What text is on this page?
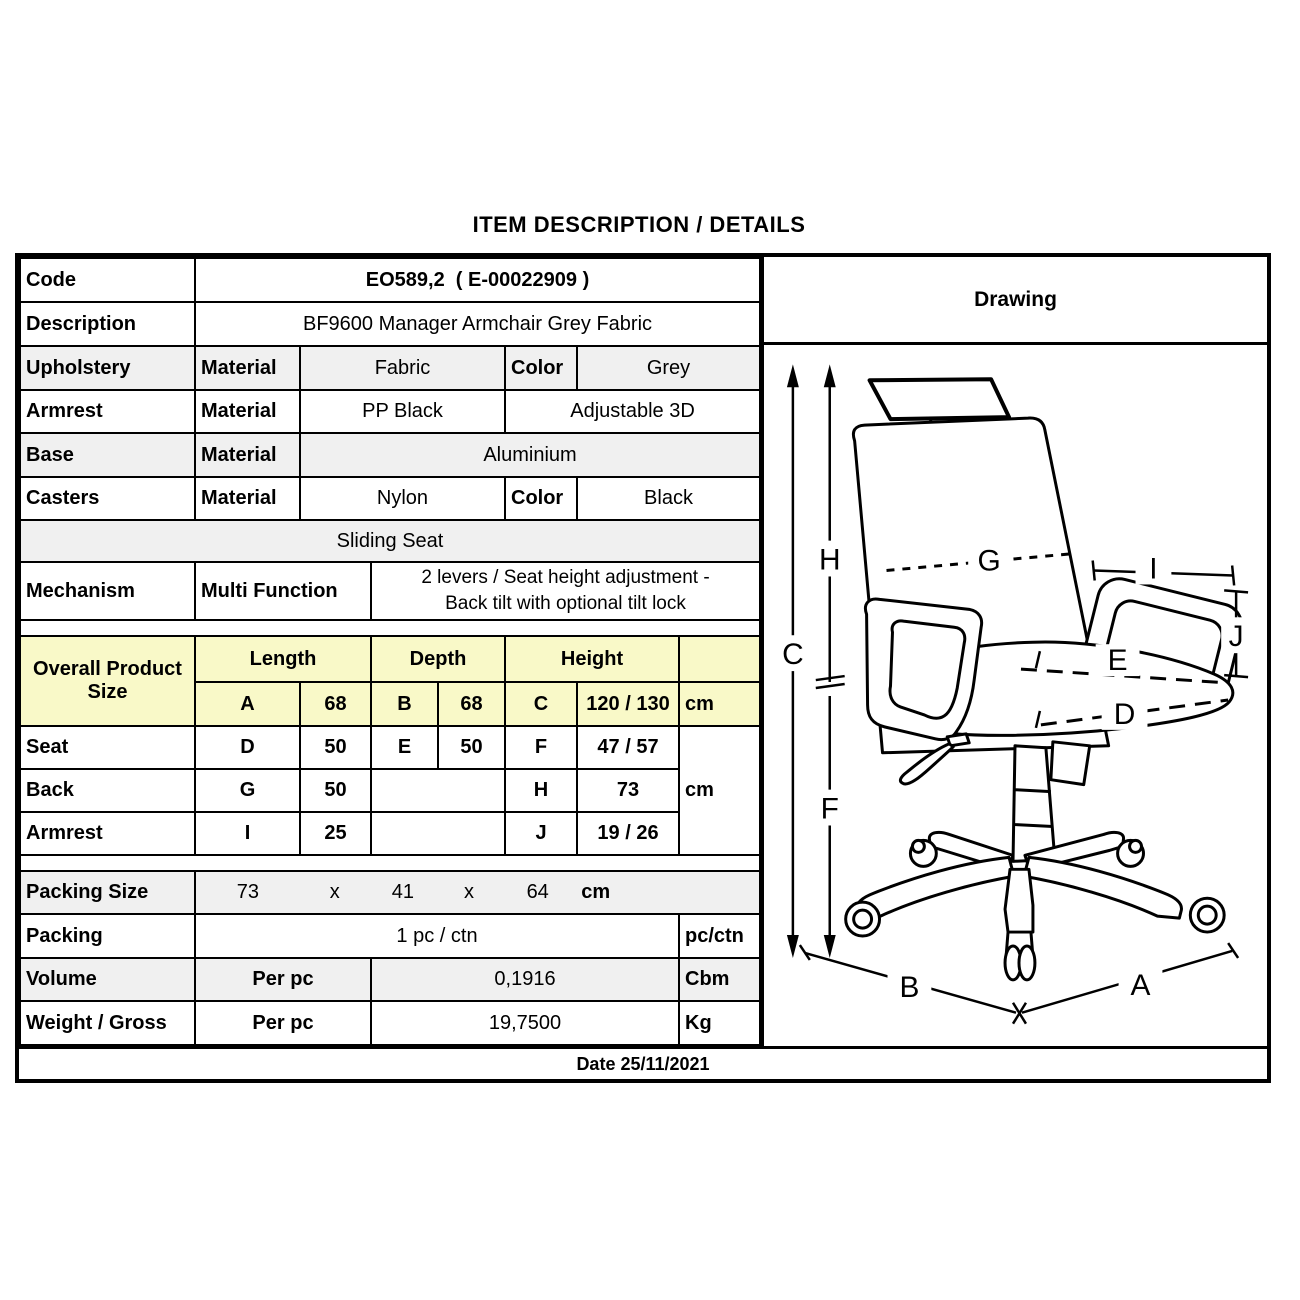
ITEM DESCRIPTION / DETAILS
Code	EO589,2  ( E-00022909 )						
Description	BF9600 Manager Armchair Grey Fabric						
Upholstery	Material	Fabric			Color	Grey	
Armrest	Material	PP Black			Adjustable 3D		
Base	Material	Aluminium					
Casters	Material	Nylon			Color	Black	
Sliding Seat							
Mechanism	Multi Function		2 levers / Seat height adjustment -
Back tilt with optional tilt lock				

Overall Product Size	Length		Depth		Height		
	A	68	B	68	C	120 / 130	cm
Seat	D	50	E	50	F	47 / 57	cm
Back	G	50			H	73	
Armrest	I	25			J	19 / 26	

Packing Size	73	x	41	x	64	cm

Packing	1 pc / ctn						pc/ctn
Volume	Per pc		0,1916				Cbm
Weight / Gross	Per pc		19,7500				Kg
Drawing
G	I
J
E
D
C
H
F
B	A
Date 25/11/2021
